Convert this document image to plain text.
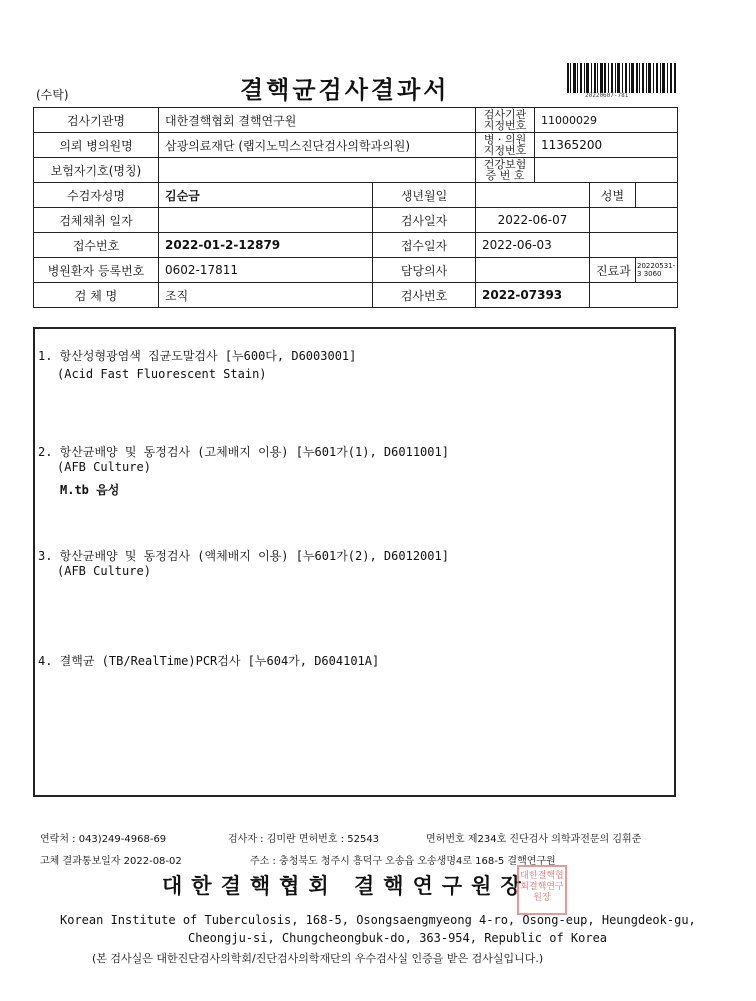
(수탁)	결핵균검사결과서	20220607-781
검사기관명	대한결핵협회 결핵연구원		검사기관 지정번호	11000029		
의뢰 병의원명	삼광의료재단 (랩지노믹스진단검사의학과의원)		병 · 의원 지정번호	11365200		
보험자기호(명칭)			건강보험 증 번 호			
수검자성명	김순금	생년월일			성별	
검체채취 일자		검사일자	2022-06-07			
접수번호	2022-01-2-12879	접수일자	2022-06-03			
병원환자 등록번호	0602-17811	담당의사			진료과	20220531-3 3060
검 체 명	조직	검사번호	2022-07393			
1. 항산성형광염색 집균도말검사 [누600다, D6003001]
(Acid Fast Fluorescent Stain)
2. 항산균배양 및 동정검사 (고체배지 이용) [누601가(1), D6011001]
(AFB Culture)
M.tb 음성
3. 항산균배양 및 동정검사 (액체배지 이용) [누601가(2), D6012001]
(AFB Culture)
4. 결핵균 (TB/RealTime)PCR검사 [누604가, D604101A]
연락처 : 043)249-4968-69	검사자 : 김미란 면허번호 : 52543	면허번호 제234호 진단검사 의학과전문의 김휘준
고체 결과통보일자 2022-08-02	주소 : 충청북도 청주시 흥덕구 오송읍 오송생명4로 168-5 결핵연구원
대한결핵협회 결핵연구원장
대한결핵협회결핵연구원장
Korean Institute of Tuberculosis, 168-5, Osongsaengmyeong 4-ro, Osong-eup, Heungdeok-gu,
Cheongju-si, Chungcheongbuk-do, 363-954, Republic of Korea
(본 검사실은 대한진단검사의학회/진단검사의학재단의 우수검사실 인증을 받은 검사실입니다.)
